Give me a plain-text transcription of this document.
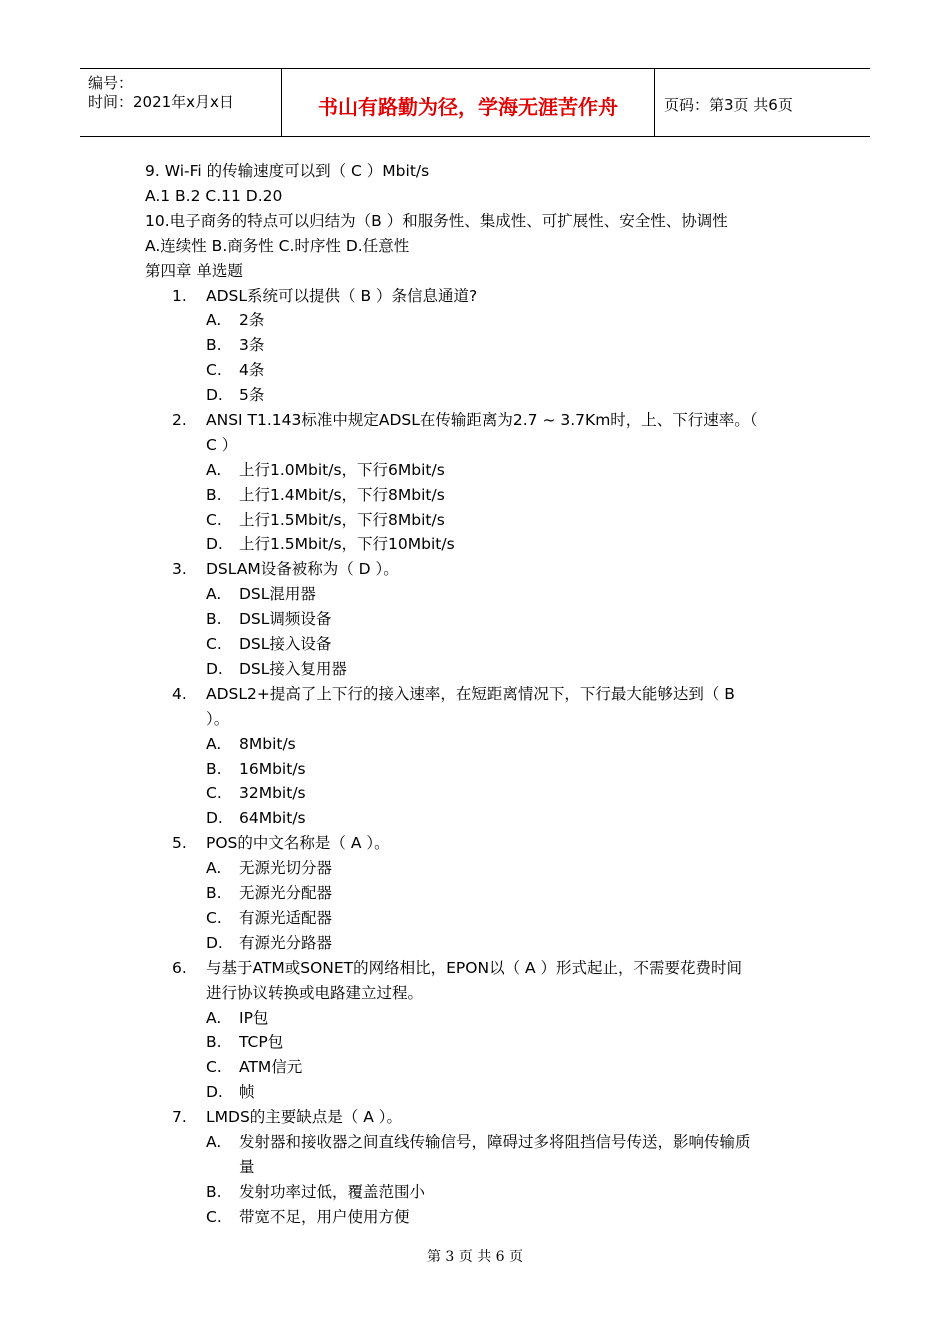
编号：
时间：2021年x月x日	书山有路勤为径，学海无涯苦作舟	页码：第3页 共6页
9. Wi-Fi 的传输速度可以到（ C ）Mbit/s
A.1 B.2 C.11 D.20
10.电子商务的特点可以归结为（B ）和服务性、集成性、可扩展性、安全性、协调性
A.连续性 B.商务性 C.时序性 D.任意性
第四章 单选题
1. ADSL系统可以提供（ B ）条信息通道?
A. 2条
B. 3条
C. 4条
D. 5条
2. ANSI T1.143标准中规定ADSL在传输距离为2.7 ~ 3.7Km时，上、下行速率。（
C ）
A. 上行1.0Mbit/s，下行6Mbit/s
B. 上行1.4Mbit/s，下行8Mbit/s
C. 上行1.5Mbit/s，下行8Mbit/s
D. 上行1.5Mbit/s，下行10Mbit/s
3. DSLAM设备被称为（ D ）。
A. DSL混用器
B. DSL调频设备
C. DSL接入设备
D. DSL接入复用器
4. ADSL2+提高了上下行的接入速率，在短距离情况下，下行最大能够达到（ B
）。
A. 8Mbit/s
B. 16Mbit/s
C. 32Mbit/s
D. 64Mbit/s
5. POS的中文名称是（ A ）。
A. 无源光切分器
B. 无源光分配器
C. 有源光适配器
D. 有源光分路器
6. 与基于ATM或SONET的网络相比，EPON以（ A ）形式起止，不需要花费时间
进行协议转换或电路建立过程。
A. IP包
B. TCP包
C. ATM信元
D. 帧
7. LMDS的主要缺点是（ A ）。
A. 发射器和接收器之间直线传输信号，障碍过多将阻挡信号传送，影响传输质
量
B. 发射功率过低，覆盖范围小
C. 带宽不足，用户使用方便
第 3 页 共 6 页
